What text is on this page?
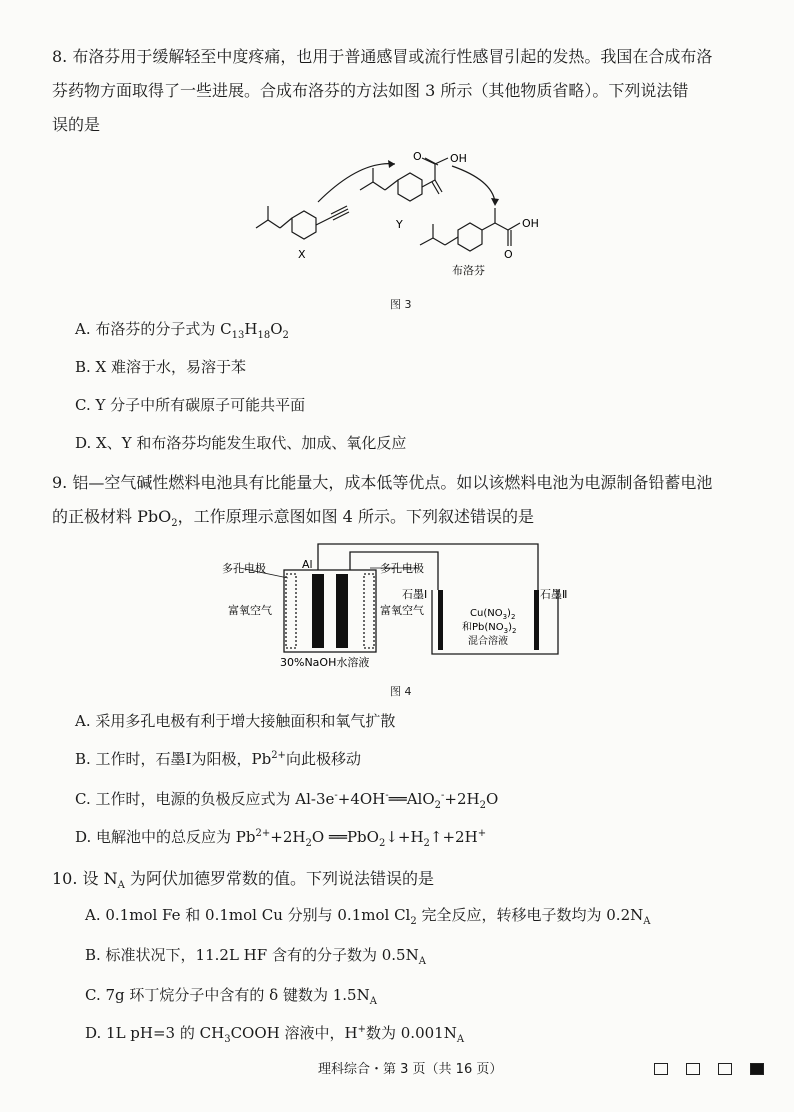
8. 布洛芬用于缓解轻至中度疼痛，也用于普通感冒或流行性感冒引起的发热。我国在合成布洛
芬药物方面取得了一些进展。合成布洛芬的方法如图 3 所示（其他物质省略）。下列说法错
误的是
O	OH
OH
O
X
Y
布洛芬
图 3
A. 布洛芬的分子式为 $C_{13}H_{18}O_2$
B. X 难溶于水，易溶于苯
C. Y 分子中所有碳原子可能共平面
D. X、Y 和布洛芬均能发生取代、加成、氧化反应
9. 铝—空气碱性燃料电池具有比能量大，成本低等优点。如以该燃料电池为电源制备铅蓄电池
的正极材料 PbO$_2$，工作原理示意图如图 4 所示。下列叙述错误的是
多孔电极	Al	多孔电极
富氧空气	富氧空气
30%NaOH水溶液
石墨Ⅰ	石墨Ⅱ
$Cu(NO_3)_2$
和$Pb(NO_3)_2$
混合溶液
图 4
A. 采用多孔电极有利于增大接触面积和氧气扩散
B. 工作时，石墨Ⅰ为阳极，$Pb^{2+}$向此极移动
C. 工作时，电源的负极反应式为 $Al-3e^-+4OH^-══AlO_2^-+2H_2O$
D. 电解池中的总反应为 $Pb^{2+}+2H_2O$ $══PbO_2↓+H_2↑+2H^+$
10. 设 $N_A$ 为阿伏加德罗常数的值。下列说法错误的是
A. 0.1mol Fe 和 0.1mol Cu 分别与 0.1mol $Cl_2$ 完全反应，转移电子数均为 $0.2N_A$
B. 标准状况下，11.2L HF 含有的分子数为 $0.5N_A$
C. 7g 环丁烷分子中含有的 δ 键数为 $1.5N_A$
D. 1L pH=3 的 $CH_3COOH$ 溶液中，H+数为 $0.001N_A$
理科综合・第 3 页（共 16 页）
